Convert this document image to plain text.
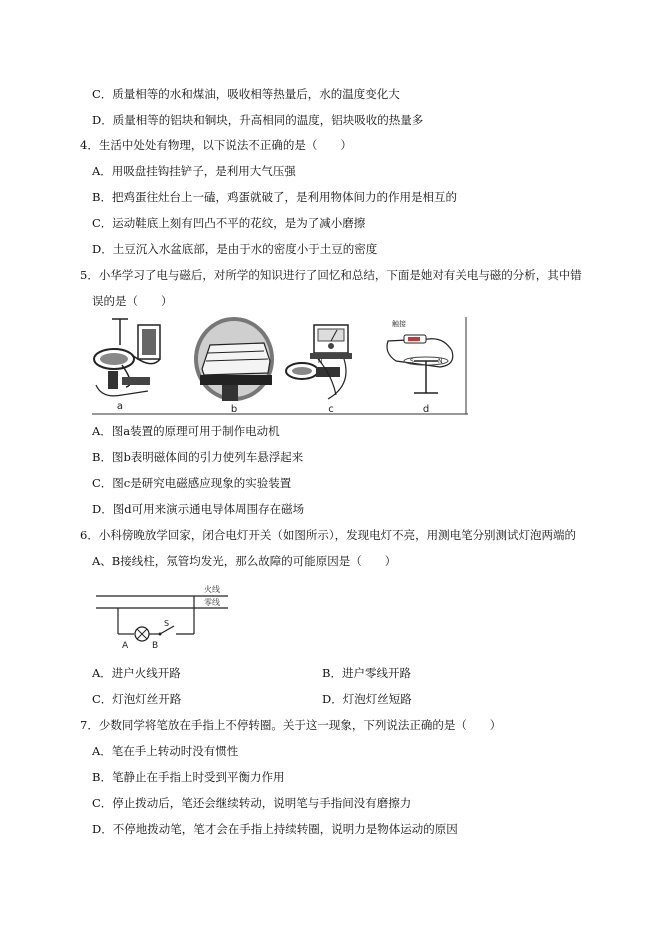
C．质量相等的水和煤油，吸收相等热量后，水的温度变化大
D．质量相等的铝块和铜块，升高相同的温度，铝块吸收的热量多
4．生活中处处有物理，以下说法不正确的是（　　）
A．用吸盘挂钩挂铲子，是利用大气压强
B．把鸡蛋往灶台上一磕，鸡蛋就破了，是利用物体间力的作用是相互的
C．运动鞋底上刻有凹凸不平的花纹，是为了减小磨擦
D．土豆沉入水盆底部，是由于水的密度小于土豆的密度
5．小华学习了电与磁后，对所学的知识进行了回忆和总结，下面是她对有关电与磁的分析，其中错
误的是（　　）
a	b
N
c
触接
S	N
d
A．图a装置的原理可用于制作电动机
B．图b表明磁体间的引力使列车悬浮起来
C．图c是研究电磁感应现象的实验装置
D．图d可用来演示通电导体周围存在磁场
6．小科傍晚放学回家，闭合电灯开关（如图所示），发现电灯不亮，用测电笔分别测试灯泡两端的
A、B接线柱，氖管均发光，那么故障的可能原因是（　　）
火线
零线
S
A	B
A．进户火线开路	B．进户零线开路
C．灯泡灯丝开路	D．灯泡灯丝短路
7．少数同学将笔放在手指上不停转圈。关于这一现象，下列说法正确的是（　　）
A．笔在手上转动时没有惯性
B．笔静止在手指上时受到平衡力作用
C．停止拨动后，笔还会继续转动，说明笔与手指间没有磨擦力
D．不停地拨动笔，笔才会在手指上持续转圈，说明力是物体运动的原因
